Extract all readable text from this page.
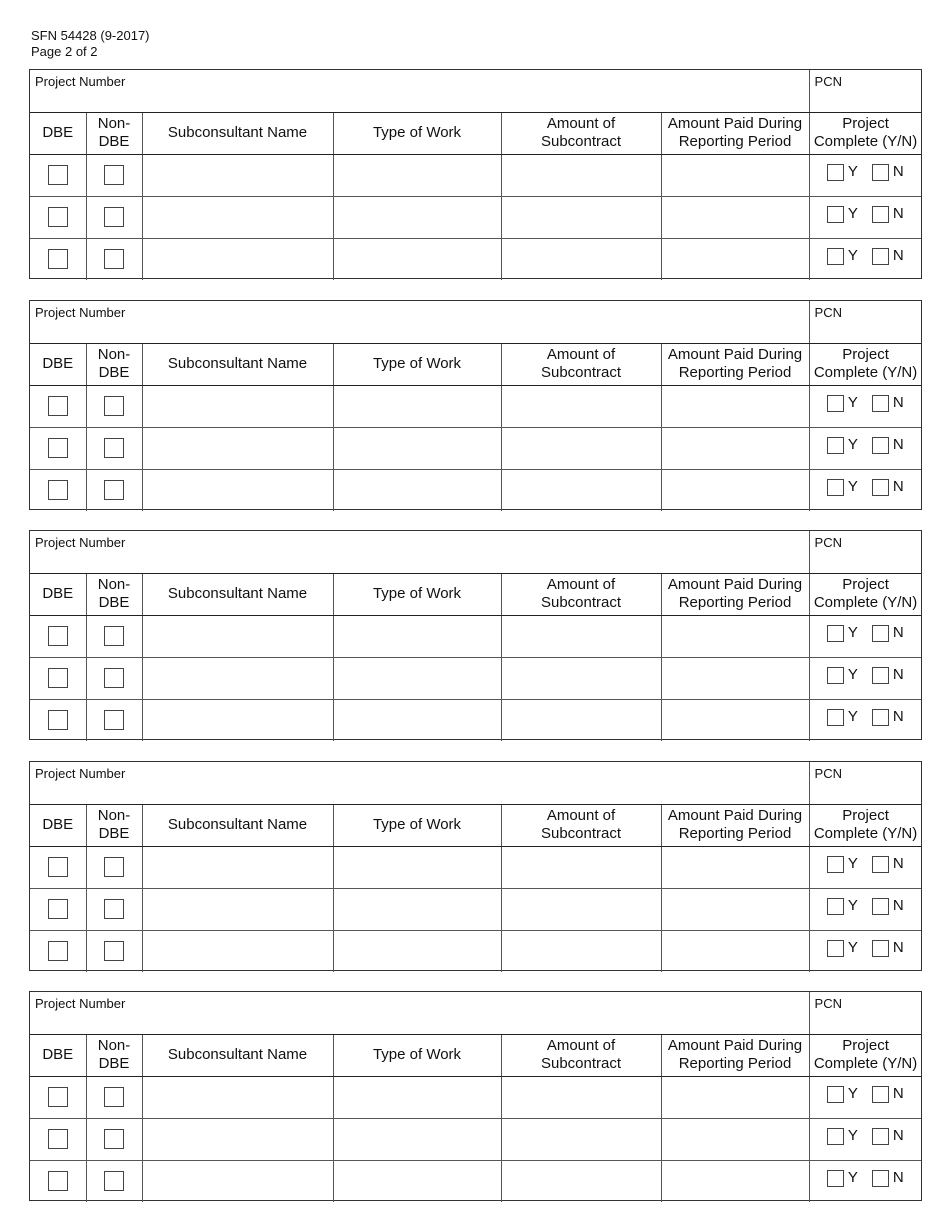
SFN 54428 (9-2017)
Page 2 of 2
Project Number						PCN
DBE	Non-DBE	Subconsultant Name	Type of Work	Amount of Subcontract	Amount Paid During Reporting Period	Project Complete (Y/N)

						Y N

						Y N

						Y N
Project Number						PCN
DBE	Non-DBE	Subconsultant Name	Type of Work	Amount of Subcontract	Amount Paid During Reporting Period	Project Complete (Y/N)

						Y N

						Y N

						Y N
Project Number						PCN
DBE	Non-DBE	Subconsultant Name	Type of Work	Amount of Subcontract	Amount Paid During Reporting Period	Project Complete (Y/N)

						Y N

						Y N

						Y N
Project Number						PCN
DBE	Non-DBE	Subconsultant Name	Type of Work	Amount of Subcontract	Amount Paid During Reporting Period	Project Complete (Y/N)

						Y N

						Y N

						Y N
Project Number						PCN
DBE	Non-DBE	Subconsultant Name	Type of Work	Amount of Subcontract	Amount Paid During Reporting Period	Project Complete (Y/N)

						Y N

						Y N

						Y N
